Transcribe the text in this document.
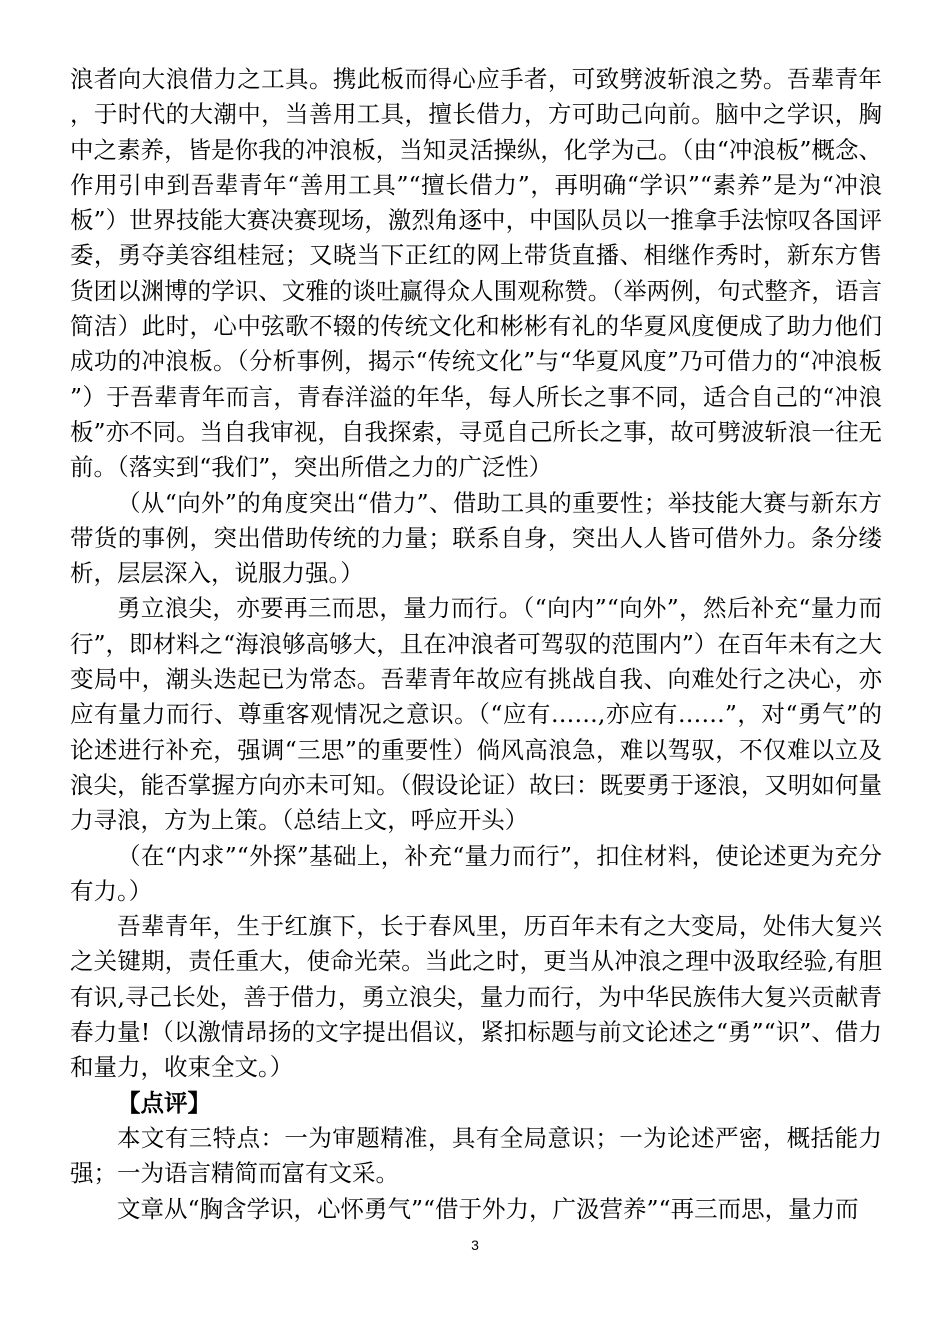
浪者向大浪借力之工具。携此板而得心应手者，可致劈波斩浪之势。吾辈青年，于时代的大潮中，当善用工具，擅长借力，方可助己向前。脑中之学识，胸中之素养，皆是你我的冲浪板，当知灵活操纵，化学为己。（由“冲浪板”概念、作用引申到吾辈青年“善用工具”“擅长借力”，再明确“学识”“素养”是为“冲浪板”）世界技能大赛决赛现场，激烈角逐中，中国队员以一推拿手法惊叹各国评委，勇夺美容组桂冠；又晓当下正红的网上带货直播、相继作秀时，新东方售货团以渊博的学识、文雅的谈吐赢得众人围观称赞。（举两例，句式整齐，语言简洁）此时，心中弦歌不辍的传统文化和彬彬有礼的华夏风度便成了助力他们成功的冲浪板。（分析事例，揭示“传统文化”与“华夏风度”乃可借力的“冲浪板”）于吾辈青年而言，青春洋溢的年华，每人所长之事不同，适合自己的“冲浪板”亦不同。当自我审视，自我探索，寻觅自己所长之事，故可劈波斩浪一往无前。（落实到“我们”，突出所借之力的广泛性）

（从“向外”的角度突出“借力”、借助工具的重要性；举技能大赛与新东方带货的事例，突出借助传统的力量；联系自身，突出人人皆可借外力。条分缕析，层层深入，说服力强。）

勇立浪尖，亦要再三而思，量力而行。（“向内”“向外”，然后补充“量力而行”，即材料之“海浪够高够大，且在冲浪者可驾驭的范围内”）在百年未有之大变局中，潮头迭起已为常态。吾辈青年故应有挑战自我、向难处行之决心，亦应有量力而行、尊重客观情况之意识。（“应有……,亦应有……”，对“勇气”的论述进行补充，强调“三思”的重要性）倘风高浪急，难以驾驭，不仅难以立及浪尖，能否掌握方向亦未可知。（假设论证）故曰：既要勇于逐浪，又明如何量力寻浪，方为上策。（总结上文，呼应开头）

（在“内求”“外探”基础上，补充“量力而行”，扣住材料，使论述更为充分有力。）

吾辈青年，生于红旗下，长于春风里，历百年未有之大变局，处伟大复兴之关键期，责任重大，使命光荣。当此之时，更当从冲浪之理中汲取经验,有胆有识,寻己长处，善于借力，勇立浪尖，量力而行，为中华民族伟大复兴贡献青春力量!（以激情昂扬的文字提出倡议，紧扣标题与前文论述之“勇”“识”、借力和量力，收束全文。）

【点评】

本文有三特点：一为审题精准，具有全局意识；一为论述严密，概括能力强；一为语言精简而富有文采。

文章从“胸含学识，心怀勇气”“借于外力，广汲营养”“再三而思，量力而

3
